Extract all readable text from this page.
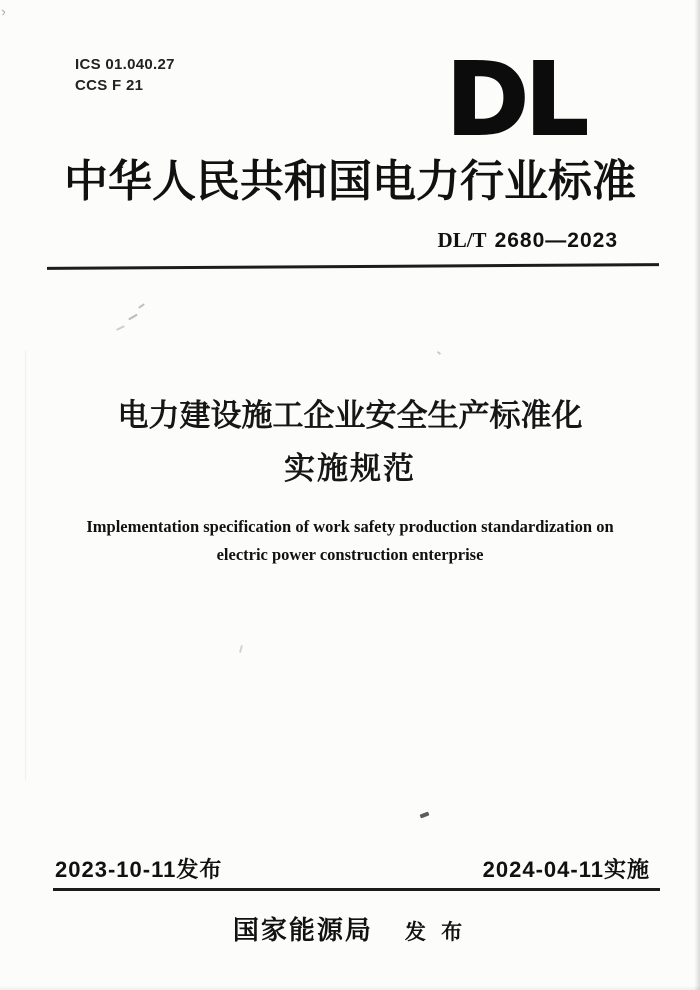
›
ICS 01.040.27
CCS F 21	DL
中华人民共和国电力行业标准
DL/T 2680—2023
电力建设施工企业安全生产标准化
实施规范
Implementation specification of work safety production standardization on
electric power construction enterprise
2023-10-11发布	2024-04-11实施
国家能源局 发 布
